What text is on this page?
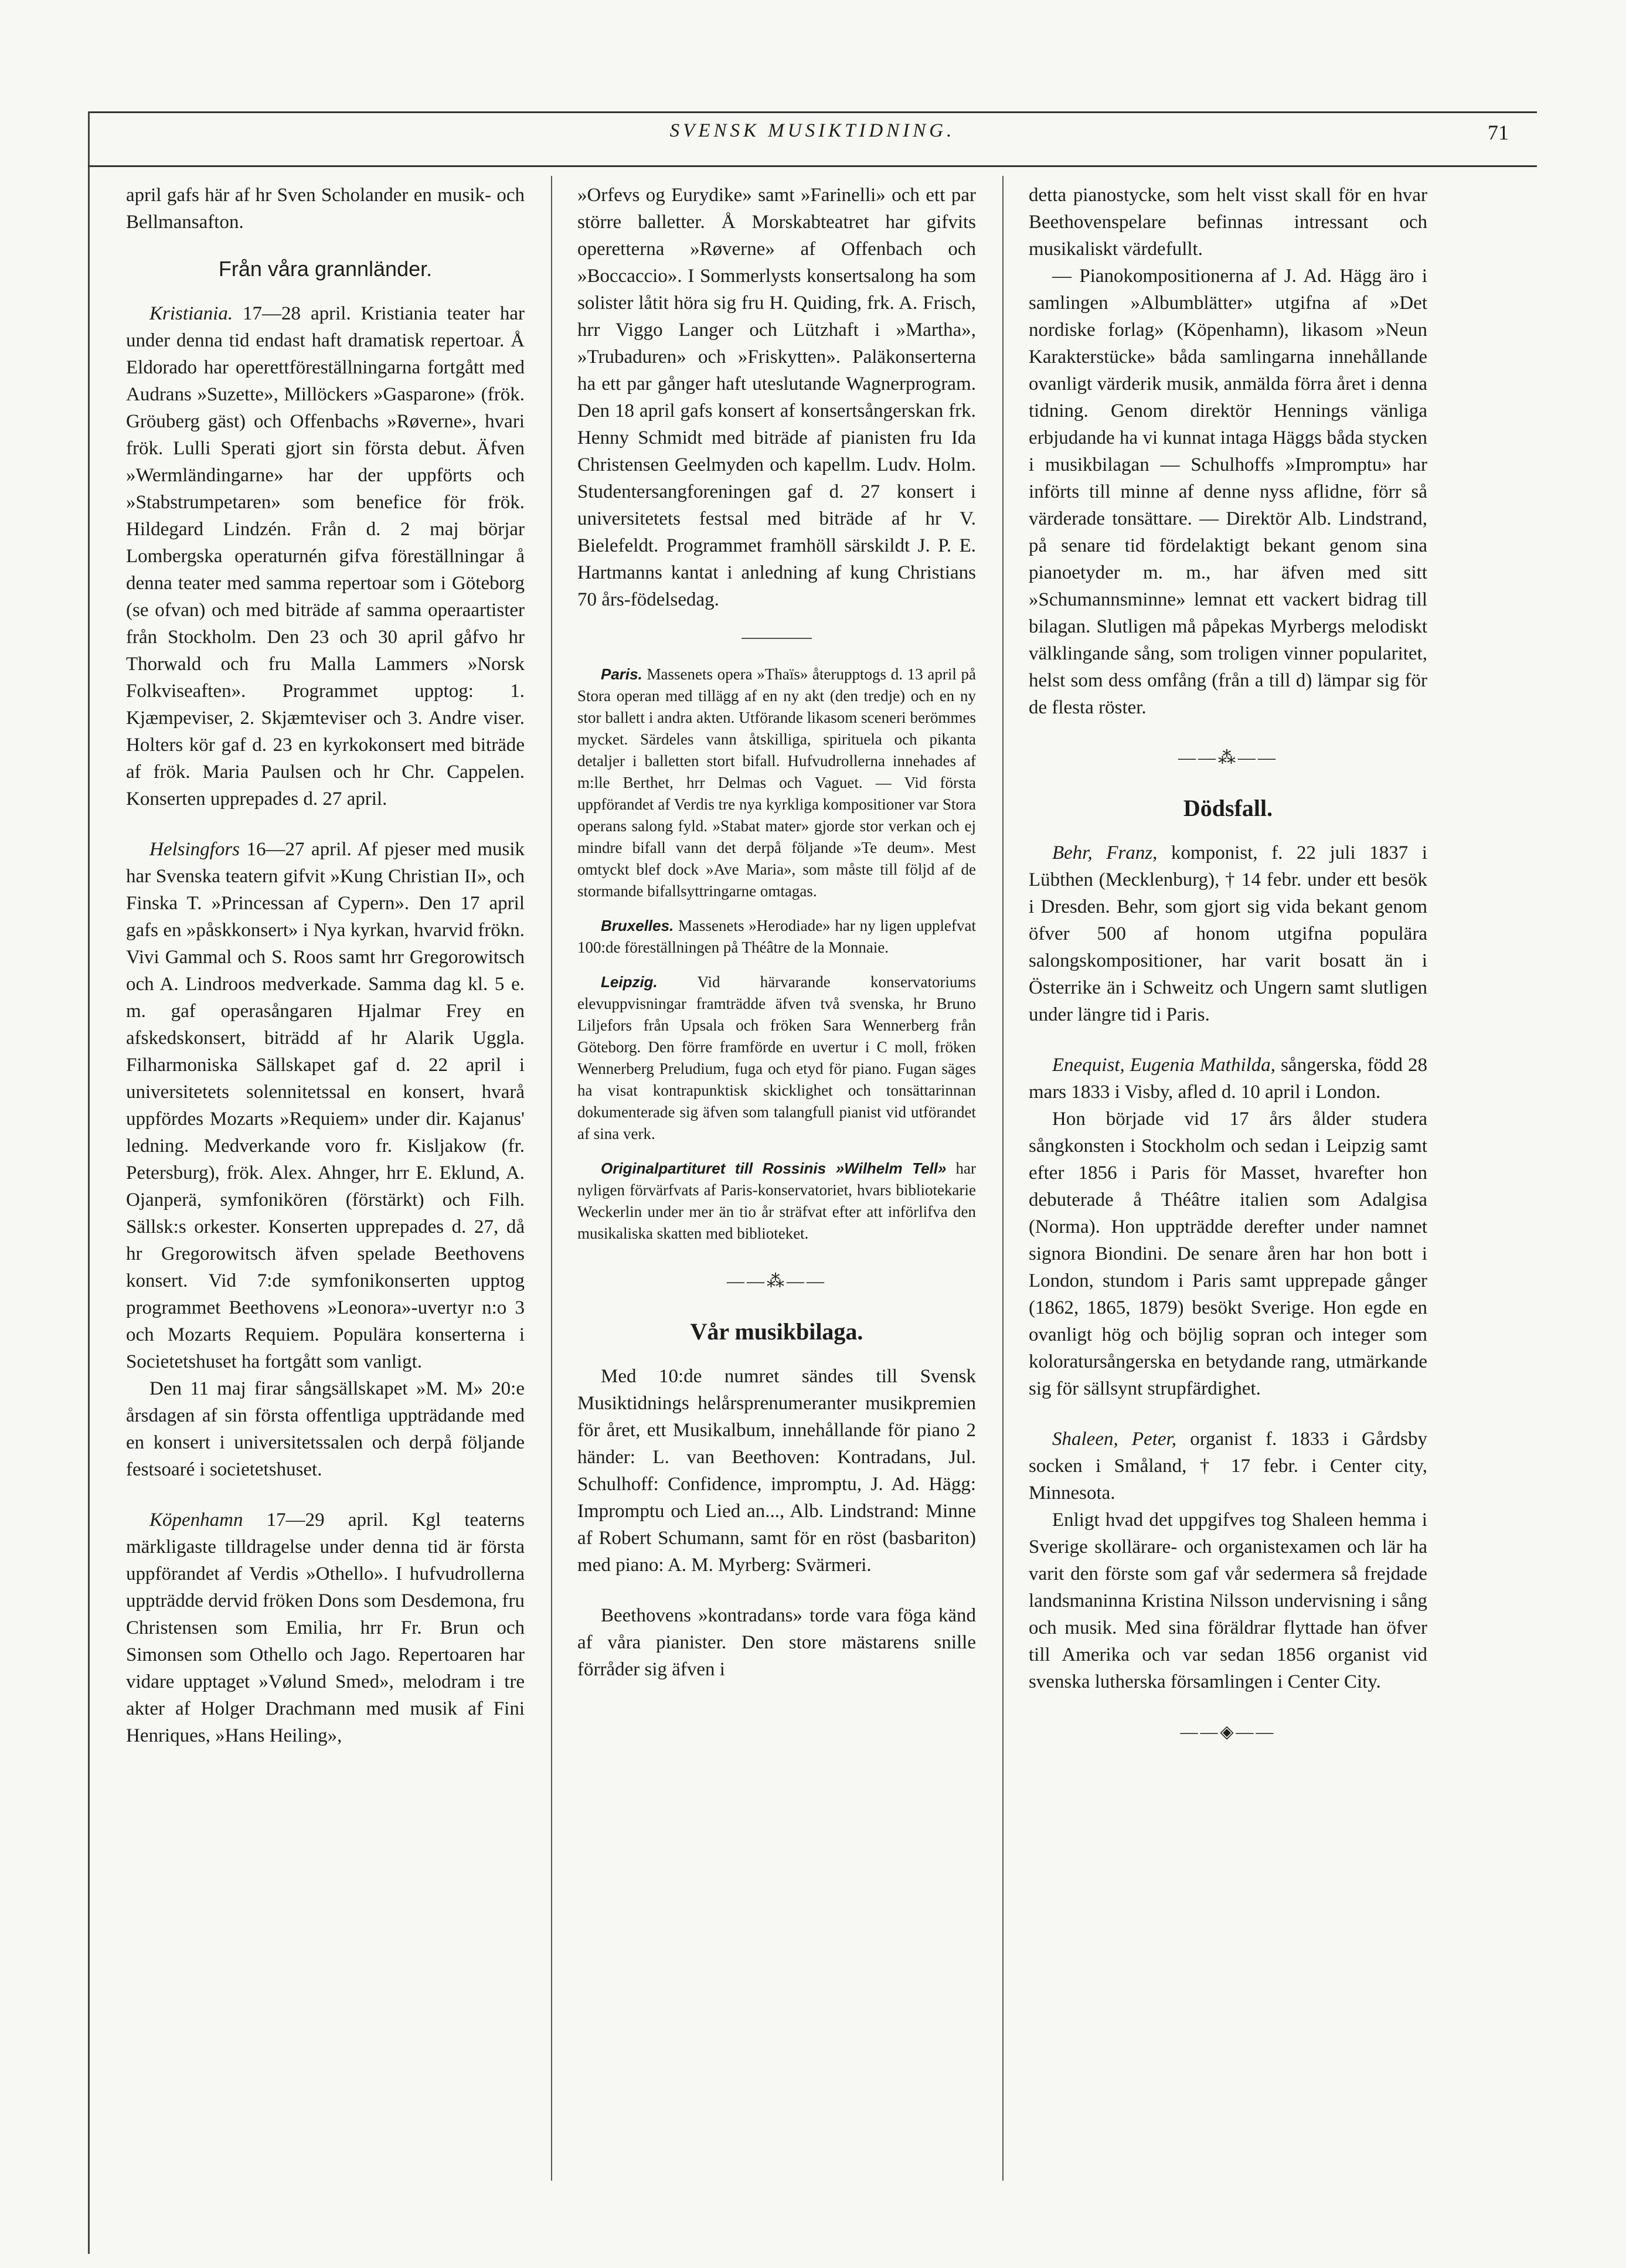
SVENSK MUSIKTIDNING.	71

april gafs här af hr Sven Scholander en musik- och Bellmansafton.

Från våra grannländer.

Kristiania. 17—28 april. Kristiania teater har under denna tid endast haft dramatisk repertoar. Å Eldorado har operettföreställningarna fortgått med Audrans »Suzette», Millöckers »Gasparone» (frök. Gröuberg gäst) och Offenbachs »Røverne», hvari frök. Lulli Sperati gjort sin första debut. Äfven »Wermländingarne» har der uppförts och »Stabstrumpetaren» som benefice för frök. Hildegard Lindzén. Från d. 2 maj börjar Lombergska operaturnén gifva föreställningar å denna teater med samma repertoar som i Göteborg (se ofvan) och med biträde af samma operaartister från Stockholm. Den 23 och 30 april gåfvo hr Thorwald och fru Malla Lammers »Norsk Folkviseaften». Programmet upptog: 1. Kjæmpeviser, 2. Skjæmteviser och 3. Andre viser. Holters kör gaf d. 23 en kyrkokonsert med biträde af frök. Maria Paulsen och hr Chr. Cappelen. Konserten upprepades d. 27 april.

Helsingfors 16—27 april. Af pjeser med musik har Svenska teatern gifvit »Kung Christian II», och Finska T. »Princessan af Cypern». Den 17 april gafs en »påskkonsert» i Nya kyrkan, hvarvid frökn. Vivi Gammal och S. Roos samt hrr Gregorowitsch och A. Lindroos medverkade. Samma dag kl. 5 e. m. gaf operasångaren Hjalmar Frey en afskedskonsert, biträdd af hr Alarik Uggla. Filharmoniska Sällskapet gaf d. 22 april i universitetets solennitetssal en konsert, hvarå uppfördes Mozarts »Requiem» under dir. Kajanus' ledning. Medverkande voro fr. Kisljakow (fr. Petersburg), frök. Alex. Ahnger, hrr E. Eklund, A. Ojanperä, symfonikören (förstärkt) och Filh. Sällsk:s orkester. Konserten upprepades d. 27, då hr Gregorowitsch äfven spelade Beethovens konsert. Vid 7:de symfonikonserten upptog programmet Beethovens »Leonora»-uvertyr n:o 3 och Mozarts Requiem. Populära konserterna i Societetshuset ha fortgått som vanligt.

Den 11 maj firar sångsällskapet »M. M» 20:e årsdagen af sin första offentliga uppträdande med en konsert i universitetssalen och derpå följande festsoaré i societetshuset.

Köpenhamn 17—29 april. Kgl teaterns märkligaste tilldragelse under denna tid är första uppförandet af Verdis »Othello». I hufvudrollerna uppträdde dervid fröken Dons som Desdemona, fru Christensen som Emilia, hrr Fr. Brun och Simonsen som Othello och Jago. Repertoaren har vidare upptaget »Vølund Smed», melodram i tre akter af Holger Drachmann med musik af Fini Henriques, »Hans Heiling»,

»Orfevs og Eurydike» samt »Farinelli» och ett par större balletter. Å Morskabteatret har gifvits operetterna »Røverne» af Offenbach och »Boccaccio». I Sommerlysts konsertsalong ha som solister låtit höra sig fru H. Quiding, frk. A. Frisch, hrr Viggo Langer och Lützhaft i »Martha», »Trubaduren» och »Friskytten». Paläkonserterna ha ett par gånger haft uteslutande Wagnerprogram. Den 18 april gafs konsert af konsertsångerskan frk. Henny Schmidt med biträde af pianisten fru Ida Christensen Geelmyden och kapellm. Ludv. Holm. Studentersangforeningen gaf d. 27 konsert i universitetets festsal med biträde af hr V. Bielefeldt. Programmet framhöll särskildt J. P. E. Hartmanns kantat i anledning af kung Christians 70 års-födelsedag.

Paris. Massenets opera »Thaïs» återupptogs d. 13 april på Stora operan med tillägg af en ny akt (den tredje) och en ny stor ballett i andra akten. Utförande likasom sceneri berömmes mycket. Särdeles vann åtskilliga, spirituela och pikanta detaljer i balletten stort bifall. Hufvudrollerna innehades af m:lle Berthet, hrr Delmas och Vaguet. — Vid första uppförandet af Verdis tre nya kyrkliga kompositioner var Stora operans salong fyld. »Stabat mater» gjorde stor verkan och ej mindre bifall vann det derpå följande »Te deum». Mest omtyckt blef dock »Ave Maria», som måste till följd af de stormande bifallsyttringarne omtagas.

Bruxelles. Massenets »Herodiade» har ny ligen upplefvat 100:de föreställningen på Théâtre de la Monnaie.

Leipzig.	Vid härvarande konservatoriums elevuppvisningar framträdde äfven två svenska, hr Bruno Liljefors från Upsala och fröken Sara Wennerberg från Göteborg. Den förre framförde en uvertur i C moll, fröken Wennerberg Preludium, fuga och etyd för piano. Fugan säges ha visat kontrapunktisk skicklighet och tonsättarinnan dokumenterade sig äfven som talangfull pianist vid utförandet af sina verk.

Originalpartituret till Rossinis »Wilhelm Tell» har nyligen förvärfvats af Paris-konservatoriet, hvars bibliotekarie Weckerlin under mer än tio år sträfvat efter att införlifva den musikaliska skatten med biblioteket.

——⁂——
Vår musikbilaga.

Med 10:de numret sändes till Svensk Musiktidnings helårsprenumeranter musikpremien för året, ett Musikalbum, innehållande för piano 2 händer: L. van Beethoven: Kontradans, Jul. Schulhoff: Confidence, impromptu, J. Ad. Hägg: Impromptu och Lied an..., Alb. Lindstrand: Minne af Robert Schumann, samt för en röst (basbariton) med piano: A. M. Myrberg: Svärmeri.

Beethovens »kontradans» torde vara föga känd af våra pianister. Den store mästarens snille förråder sig äfven i

detta pianostycke, som helt visst skall för en hvar Beethovenspelare befinnas intressant och musikaliskt värdefullt.

— Pianokompositionerna af J. Ad. Hägg äro i samlingen »Albumblätter» utgifna af »Det nordiske forlag» (Köpenhamn), likasom »Neun Karakterstücke» båda samlingarna innehållande ovanligt värderik musik, anmälda förra året i denna tidning. Genom direktör Hennings vänliga erbjudande ha vi kunnat intaga Häggs båda stycken i musikbilagan — Schulhoffs »Impromptu» har införts till minne af denne nyss aflidne, förr så värderade tonsättare. — Direktör Alb. Lindstrand, på senare tid fördelaktigt bekant genom sina pianoetyder m. m., har äfven med sitt »Schumannsminne» lemnat ett vackert bidrag till bilagan. Slutligen må påpekas Myrbergs melodiskt välklingande sång, som troligen vinner popularitet, helst som dess omfång (från a till d) lämpar sig för de flesta röster.

——⁂——
Dödsfall.

Behr, Franz, komponist, f. 22 juli 1837 i Lübthen (Mecklenburg), † 14 febr. under ett besök i Dresden. Behr, som gjort sig vida bekant genom öfver 500 af honom utgifna populära salongskompositioner, har varit bosatt än i Österrike än i Schweitz och Ungern samt slutligen under längre tid i Paris.

Enequist, Eugenia Mathilda, sångerska, född 28 mars 1833 i Visby, afled d. 10 april i London.

Hon började vid 17 års ålder studera sångkonsten i Stockholm och sedan i Leipzig samt efter 1856 i Paris för Masset, hvarefter hon debuterade å Théâtre italien som Adalgisa (Norma). Hon uppträdde derefter under namnet signora Biondini. De senare åren har hon bott i London, stundom i Paris samt upprepade gånger (1862, 1865, 1879) besökt Sverige. Hon egde en ovanligt hög och böjlig sopran och integer som koloratursångerska en betydande rang, utmärkande sig för sällsynt strupfärdighet.

Shaleen, Peter, organist f. 1833 i Gårdsby socken i Småland, † 17 febr. i Center city, Minnesota.

Enligt hvad det uppgifves tog Shaleen hemma i Sverige skollärare- och organistexamen och lär ha varit den förste som gaf vår sedermera så frejdade landsmaninna Kristina Nilsson undervisning i sång och musik. Med sina föräldrar flyttade han öfver till Amerika och var sedan 1856 organist vid svenska lutherska församlingen i Center City.

——◈——
